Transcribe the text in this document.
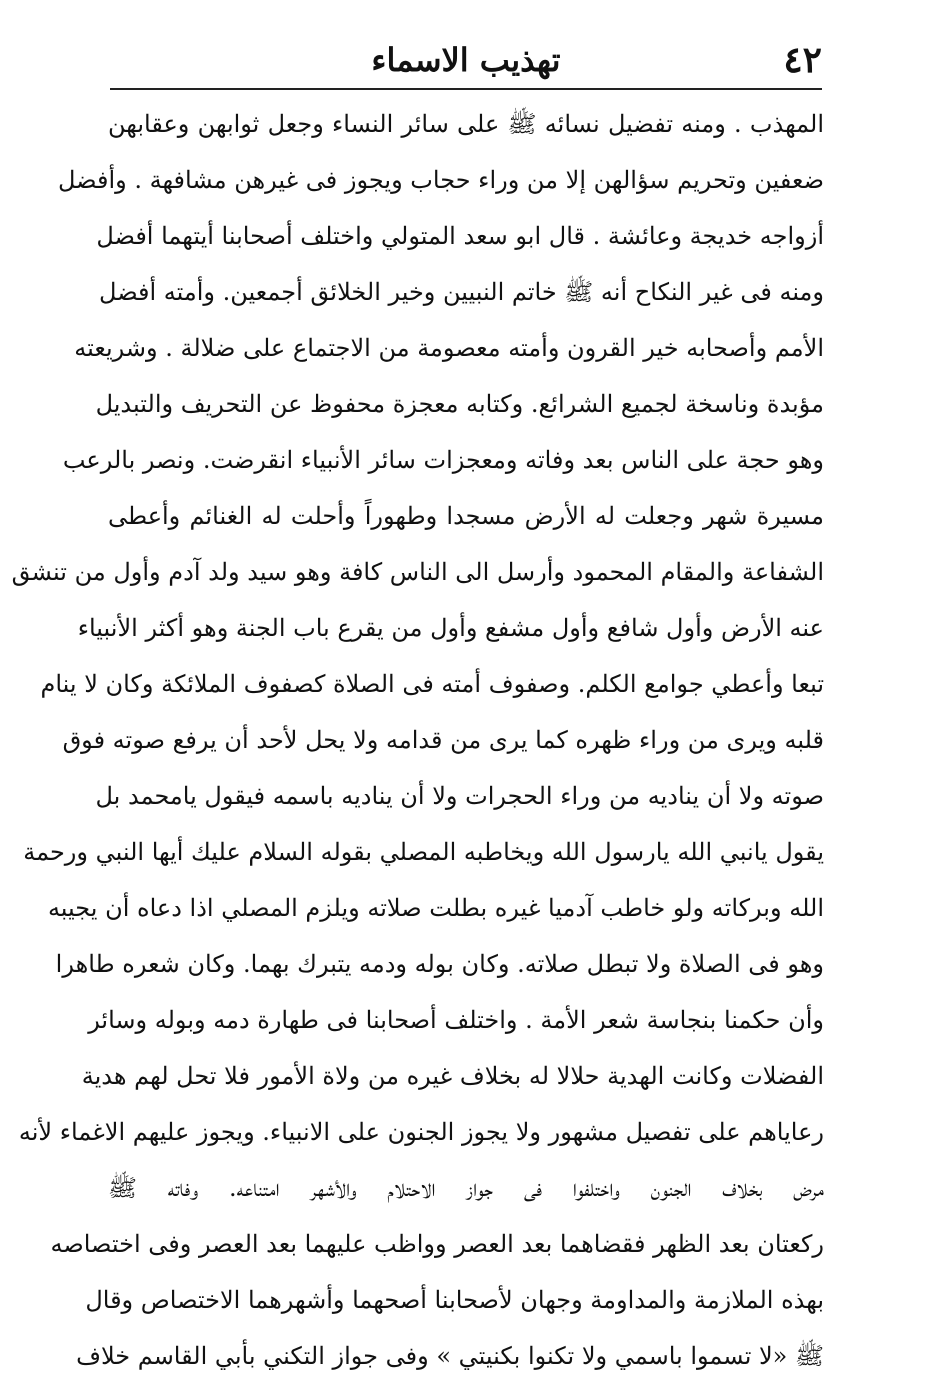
٤٢
تهذيب الاسماء
المهذب . ومنه تفضيل نسائه ﷺ على سائر النساء وجعل ثوابهن وعقابهن
ضعفين وتحريم سؤالهن إلا من وراء حجاب ويجوز فى غيرهن مشافهة . وأفضل
أزواجه خديجة وعائشة . قال ابو سعد المتولي واختلف أصحابنا أيتهما أفضل
ومنه فى غير النكاح أنه ﷺ خاتم النبيين وخير الخلائق أجمعين. وأمته أفضل
الأمم وأصحابه خير القرون وأمته معصومة من الاجتماع على ضلالة . وشريعته
مؤبدة وناسخة لجميع الشرائع. وكتابه معجزة محفوظ عن التحريف والتبديل
وهو حجة على الناس بعد وفاته ومعجزات سائر الأنبياء انقرضت. ونصر بالرعب
مسيرة شهر وجعلت له الأرض مسجدا وطهوراً وأحلت له الغنائم وأعطى
الشفاعة والمقام المحمود وأرسل الى الناس كافة وهو سيد ولد آدم وأول من تنشق
عنه الأرض وأول شافع وأول مشفع وأول من يقرع باب الجنة وهو أكثر الأنبياء
تبعا وأعطي جوامع الكلم. وصفوف أمته فى الصلاة كصفوف الملائكة وكان لا ينام
قلبه ويرى من وراء ظهره كما يرى من قدامه ولا يحل لأحد أن يرفع صوته فوق
صوته ولا أن يناديه من وراء الحجرات ولا أن يناديه باسمه فيقول يامحمد بل
يقول يانبي الله يارسول الله ويخاطبه المصلي بقوله السلام عليك أيها النبي ورحمة
الله وبركاته ولو خاطب آدميا غيره بطلت صلاته ويلزم المصلي اذا دعاه أن يجيبه
وهو فى الصلاة ولا تبطل صلاته. وكان بوله ودمه يتبرك بهما. وكان شعره طاهرا
وأن حكمنا بنجاسة شعر الأمة . واختلف أصحابنا فى طهارة دمه وبوله وسائر
الفضلات وكانت الهدية حلالا له بخلاف غيره من ولاة الأمور فلا تحل لهم هدية
رعاياهم على تفصيل مشهور ولا يجوز الجنون على الانبياء. ويجوز عليهم الاغماء لأنه
مرض بخلاف الجنون واختلفوا فى جواز الاحتلام والأشهر امتناعه. وفاته ﷺ
ركعتان بعد الظهر فقضاهما بعد العصر وواظب عليهما بعد العصر وفى اختصاصه
بهذه الملازمة والمداومة وجهان لأصحابنا أصحهما وأشهرهما الاختصاص وقال
ﷺ «لا تسموا باسمي ولا تكنوا بكنيتي » وفى جواز التكني بأبي القاسم خلاف
